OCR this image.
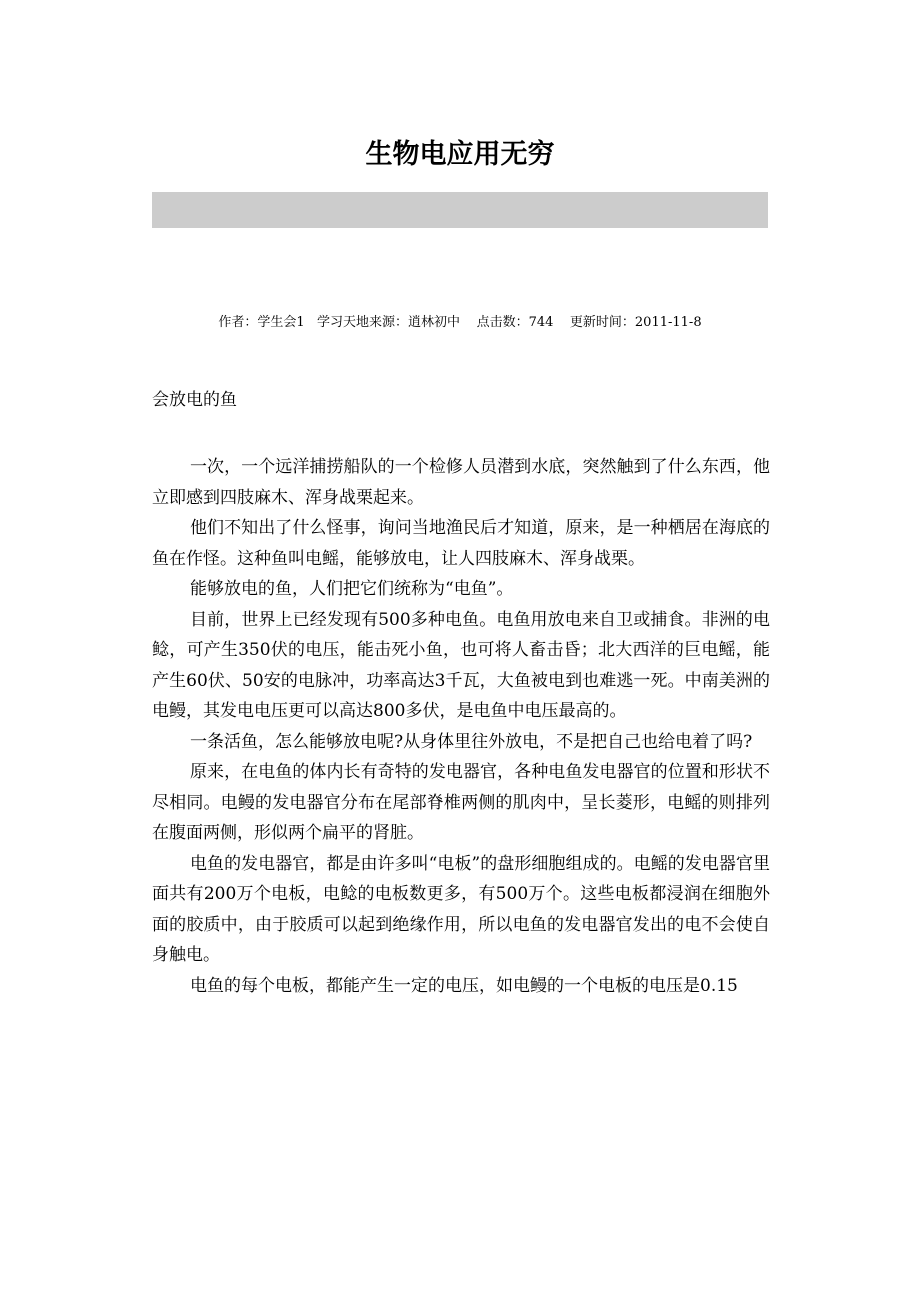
生物电应用无穷
作者：学生会1   学习天地来源：逍林初中    点击数：744    更新时间：2011-11-8
会放电的鱼

一次，一个远洋捕捞船队的一个检修人员潜到水底，突然触到了什么东西，他立即感到四肢麻木、浑身战栗起来。

他们不知出了什么怪事，询问当地渔民后才知道，原来，是一种栖居在海底的鱼在作怪。这种鱼叫电鳐，能够放电，让人四肢麻木、浑身战栗。

能够放电的鱼，人们把它们统称为“电鱼”。

目前，世界上已经发现有500多种电鱼。电鱼用放电来自卫或捕食。非洲的电鲶，可产生350伏的电压，能击死小鱼，也可将人畜击昏；北大西洋的巨电鳐，能产生60伏、50安的电脉冲，功率高达3千瓦，大鱼被电到也难逃一死。中南美洲的电鳗，其发电电压更可以高达800多伏，是电鱼中电压最高的。

一条活鱼，怎么能够放电呢?从身体里往外放电，不是把自己也给电着了吗?

原来，在电鱼的体内长有奇特的发电器官，各种电鱼发电器官的位置和形状不尽相同。电鳗的发电器官分布在尾部脊椎两侧的肌肉中，呈长菱形，电鳐的则排列在腹面两侧，形似两个扁平的肾脏。

电鱼的发电器官，都是由许多叫“电板”的盘形细胞组成的。电鳐的发电器官里面共有200万个电板，电鲶的电板数更多，有500万个。这些电板都浸润在细胞外面的胶质中，由于胶质可以起到绝缘作用，所以电鱼的发电器官发出的电不会使自身触电。

电鱼的每个电板，都能产生一定的电压，如电鳗的一个电板的电压是0.15
